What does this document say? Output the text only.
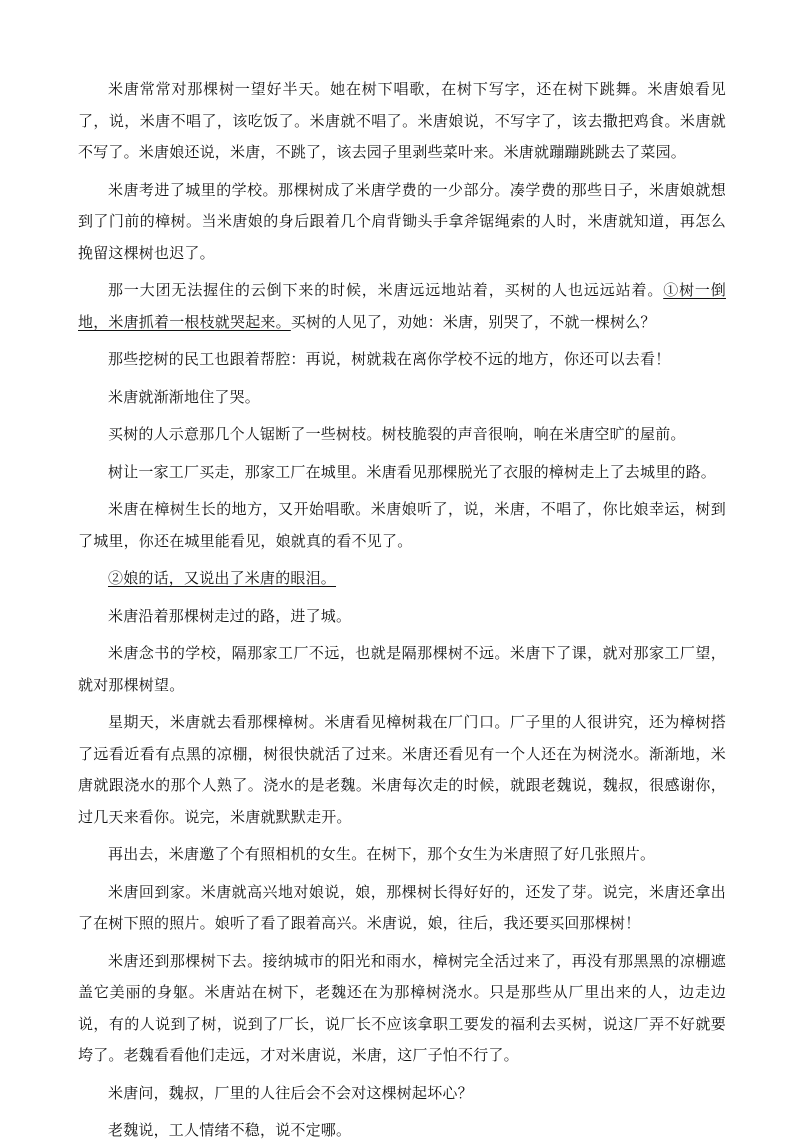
米唐常常对那棵树一望好半天。她在树下唱歌，在树下写字，还在树下跳舞。米唐娘看见了，说，米唐不唱了，该吃饭了。米唐就不唱了。米唐娘说，不写字了，该去撒把鸡食。米唐就不写了。米唐娘还说，米唐，不跳了，该去园子里剥些菜叶来。米唐就蹦蹦跳跳去了菜园。

米唐考进了城里的学校。那棵树成了米唐学费的一少部分。凑学费的那些日子，米唐娘就想到了门前的樟树。当米唐娘的身后跟着几个肩背锄头手拿斧锯绳索的人时，米唐就知道，再怎么挽留这棵树也迟了。

那一大团无法握住的云倒下来的时候，米唐远远地站着，买树的人也远远站着。①树一倒地，米唐抓着一根枝就哭起来。买树的人见了，劝她：米唐，别哭了，不就一棵树么？

那些挖树的民工也跟着帮腔：再说，树就栽在离你学校不远的地方，你还可以去看！

米唐就渐渐地住了哭。

买树的人示意那几个人锯断了一些树枝。树枝脆裂的声音很响，响在米唐空旷的屋前。

树让一家工厂买走，那家工厂在城里。米唐看见那棵脱光了衣服的樟树走上了去城里的路。

米唐在樟树生长的地方，又开始唱歌。米唐娘听了，说，米唐，不唱了，你比娘幸运，树到了城里，你还在城里能看见，娘就真的看不见了。

②娘的话，又说出了米唐的眼泪。

米唐沿着那棵树走过的路，进了城。

米唐念书的学校，隔那家工厂不远，也就是隔那棵树不远。米唐下了课，就对那家工厂望，就对那棵树望。

星期天，米唐就去看那棵樟树。米唐看见樟树栽在厂门口。厂子里的人很讲究，还为樟树搭了远看近看有点黑的凉棚，树很快就活了过来。米唐还看见有一个人还在为树浇水。渐渐地，米唐就跟浇水的那个人熟了。浇水的是老魏。米唐每次走的时候，就跟老魏说，魏叔，很感谢你，过几天来看你。说完，米唐就默默走开。

再出去，米唐邀了个有照相机的女生。在树下，那个女生为米唐照了好几张照片。

米唐回到家。米唐就高兴地对娘说，娘，那棵树长得好好的，还发了芽。说完，米唐还拿出了在树下照的照片。娘听了看了跟着高兴。米唐说，娘，往后，我还要买回那棵树！

米唐还到那棵树下去。接纳城市的阳光和雨水，樟树完全活过来了，再没有那黑黑的凉棚遮盖它美丽的身躯。米唐站在树下，老魏还在为那樟树浇水。只是那些从厂里出来的人，边走边说，有的人说到了树，说到了厂长，说厂长不应该拿职工要发的福利去买树，说这厂弄不好就要垮了。老魏看看他们走远，才对米唐说，米唐，这厂子怕不行了。

米唐问，魏叔，厂里的人往后会不会对这棵树起坏心？

老魏说，工人情绪不稳，说不定哪。
